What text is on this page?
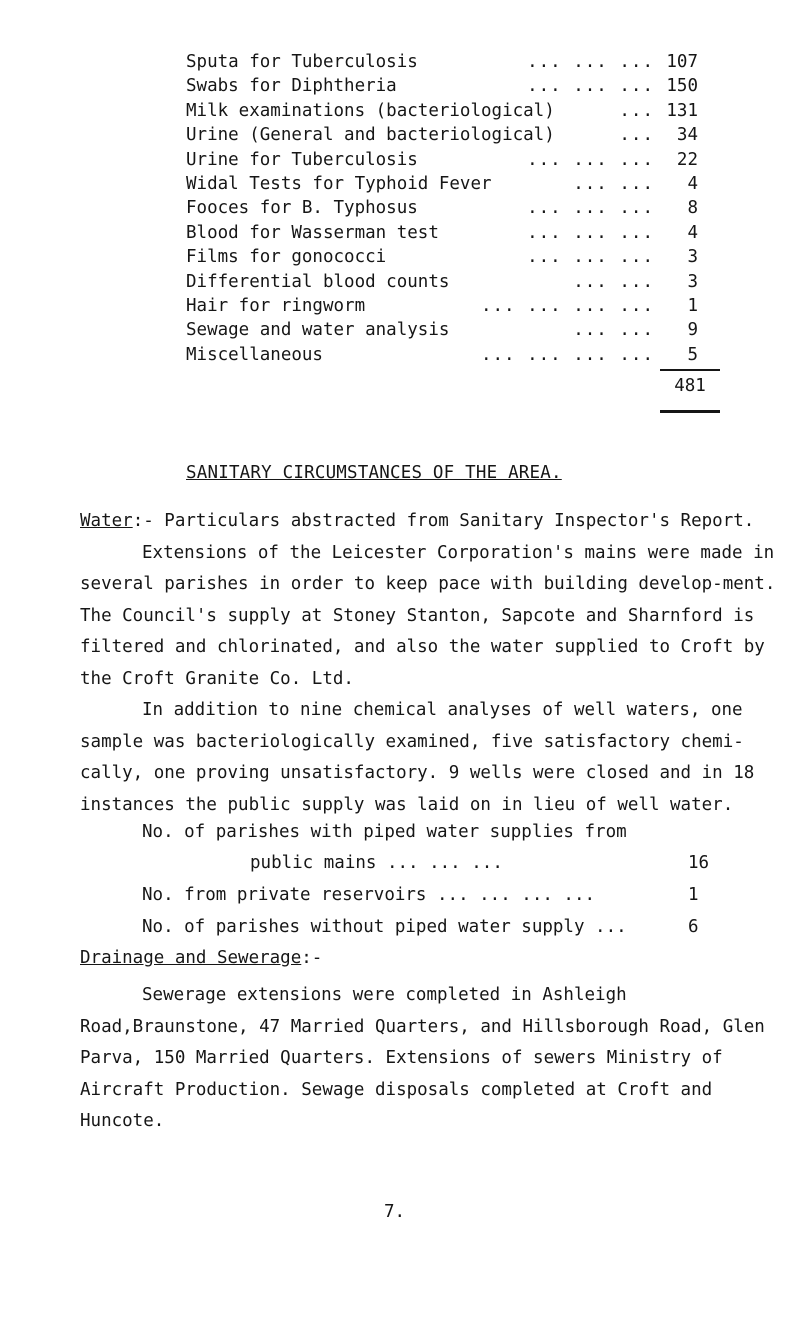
Sputa for Tuberculosis	... ... ... 107
Swabs for Diphtheria	... ... ... 150
Milk examinations (bacteriological)	... 131
Urine (General and bacteriological)	...	34
Urine for Tuberculosis	... ... ...	22
Widal Tests for Typhoid Fever	... ...	4
Fooces for B. Typhosus	... ... ...	8
Blood for Wasserman test	... ... ...	4
Films for gonococci	... ... ...	3
Differential blood counts	... ...	3
Hair for ringworm	... ... ... ...	1
Sewage and water analysis	... ...	9
Miscellaneous	... ... ... ...	5
481
SANITARY CIRCUMSTANCES OF THE AREA.

Water:- Particulars abstracted from Sanitary Inspector's Report.

Extensions of the Leicester Corporation's mains were made in several parishes in order to keep pace with building develop-ment. The Council's supply at Stoney Stanton, Sapcote and Sharnford is filtered and chlorinated, and also the water supplied to Croft by the Croft Granite Co. Ltd.

In addition to nine chemical analyses of well waters, one sample was bacteriologically examined, five satisfactory chemi-cally, one proving unsatisfactory. 9 wells were closed and in 18 instances the public supply was laid on in lieu of well water.

No. of parishes with piped water supplies from
public mains ... ... ...	16
No. from private reservoirs ... ... ... ...	1
No. of parishes without piped water supply ...	6
Drainage and Sewerage:-

Sewerage extensions were completed in Ashleigh Road,Braunstone, 47 Married Quarters, and Hillsborough Road, Glen Parva, 150 Married Quarters. Extensions of sewers Ministry of Aircraft Production. Sewage disposals completed at Croft and Huncote.

7.
